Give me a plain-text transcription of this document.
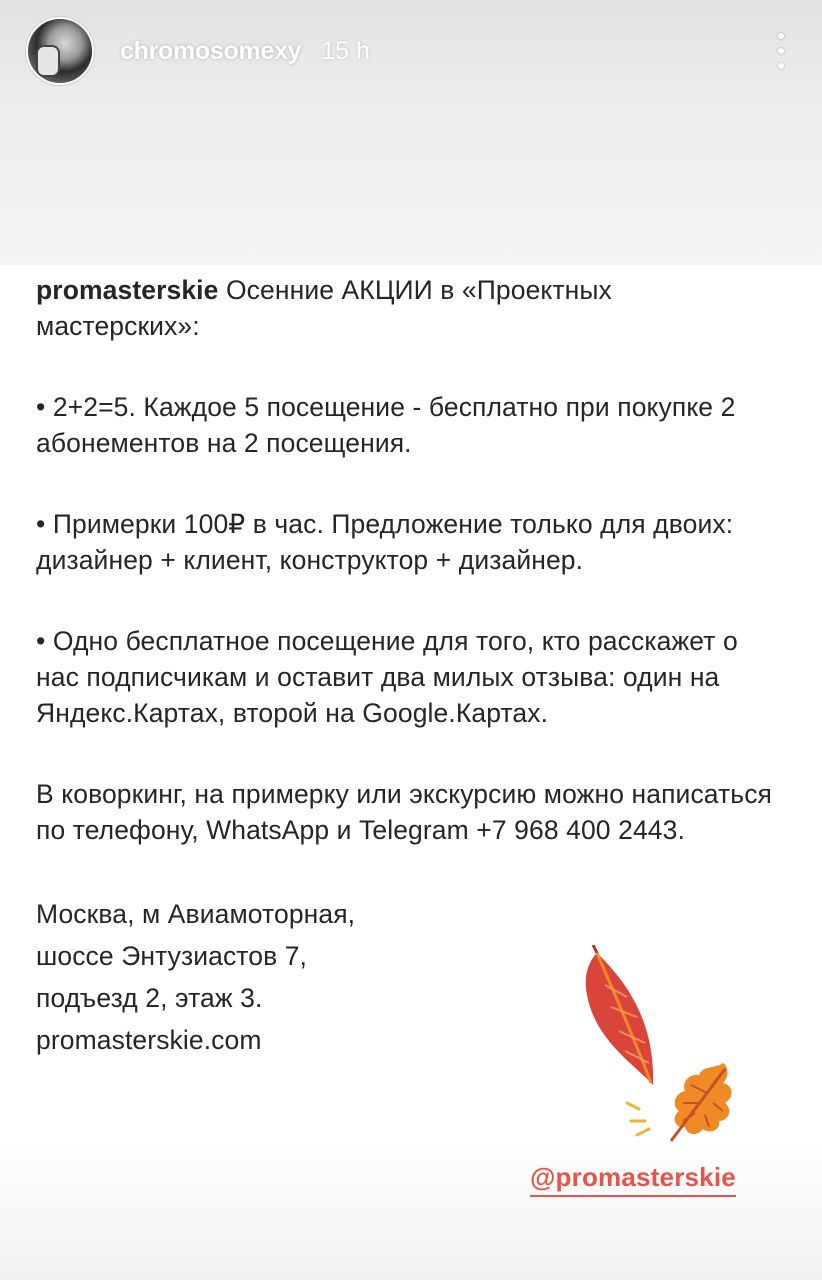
chromosomexy 15 h

promasterskie Осенние АКЦИИ в «Проектных мастерских»:

• 2+2=5. Каждое 5 посещение - бесплатно при покупке 2 абонементов на 2 посещения.

• Примерки 100₽ в час. Предложение только для двоих: дизайнер + клиент, конструктор + дизайнер.

• Одно бесплатное посещение для того, кто расскажет о нас подписчикам и оставит два милых отзыва: один на Яндекс.Картах, второй на Google.Картах.

В коворкинг, на примерку или экскурсию можно написаться по телефону, WhatsApp и Telegram +7 968 400 2443.

Москва, м Авиамоторная,
шоссе Энтузиастов 7,
подъезд 2, этаж 3.
promasterskie.com
@promasterskie
